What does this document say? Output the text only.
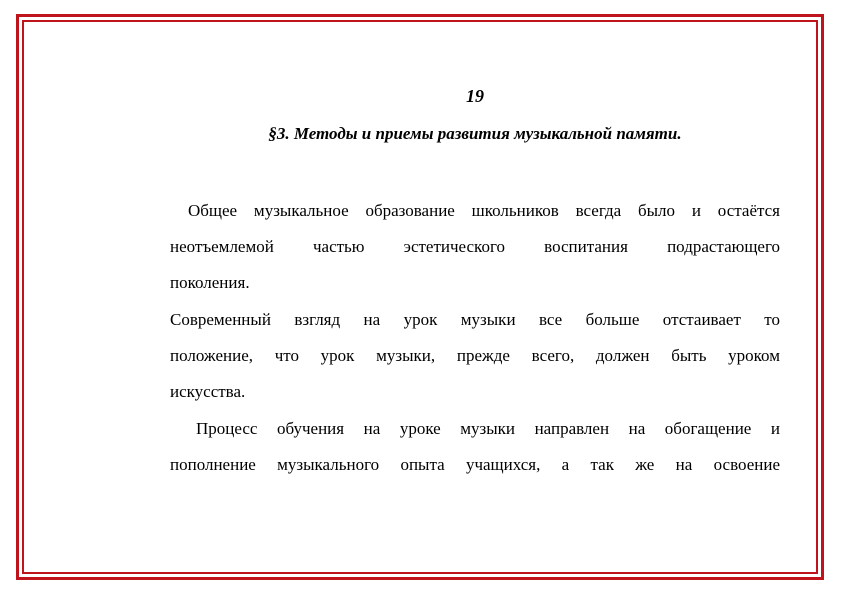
19
§3. Методы и приемы развития музыкальной памяти.
Общее музыкальное образование школьников всегда было и остаётся
неотъемлемой частью эстетического воспитания подрастающего
поколения.
Современный взгляд на урок музыки все больше отстаивает то
положение, что урок музыки, прежде всего, должен быть уроком
искусства.
Процесс обучения на уроке музыки направлен на обогащение и
пополнение музыкального опыта учащихся, а так же на освоение
